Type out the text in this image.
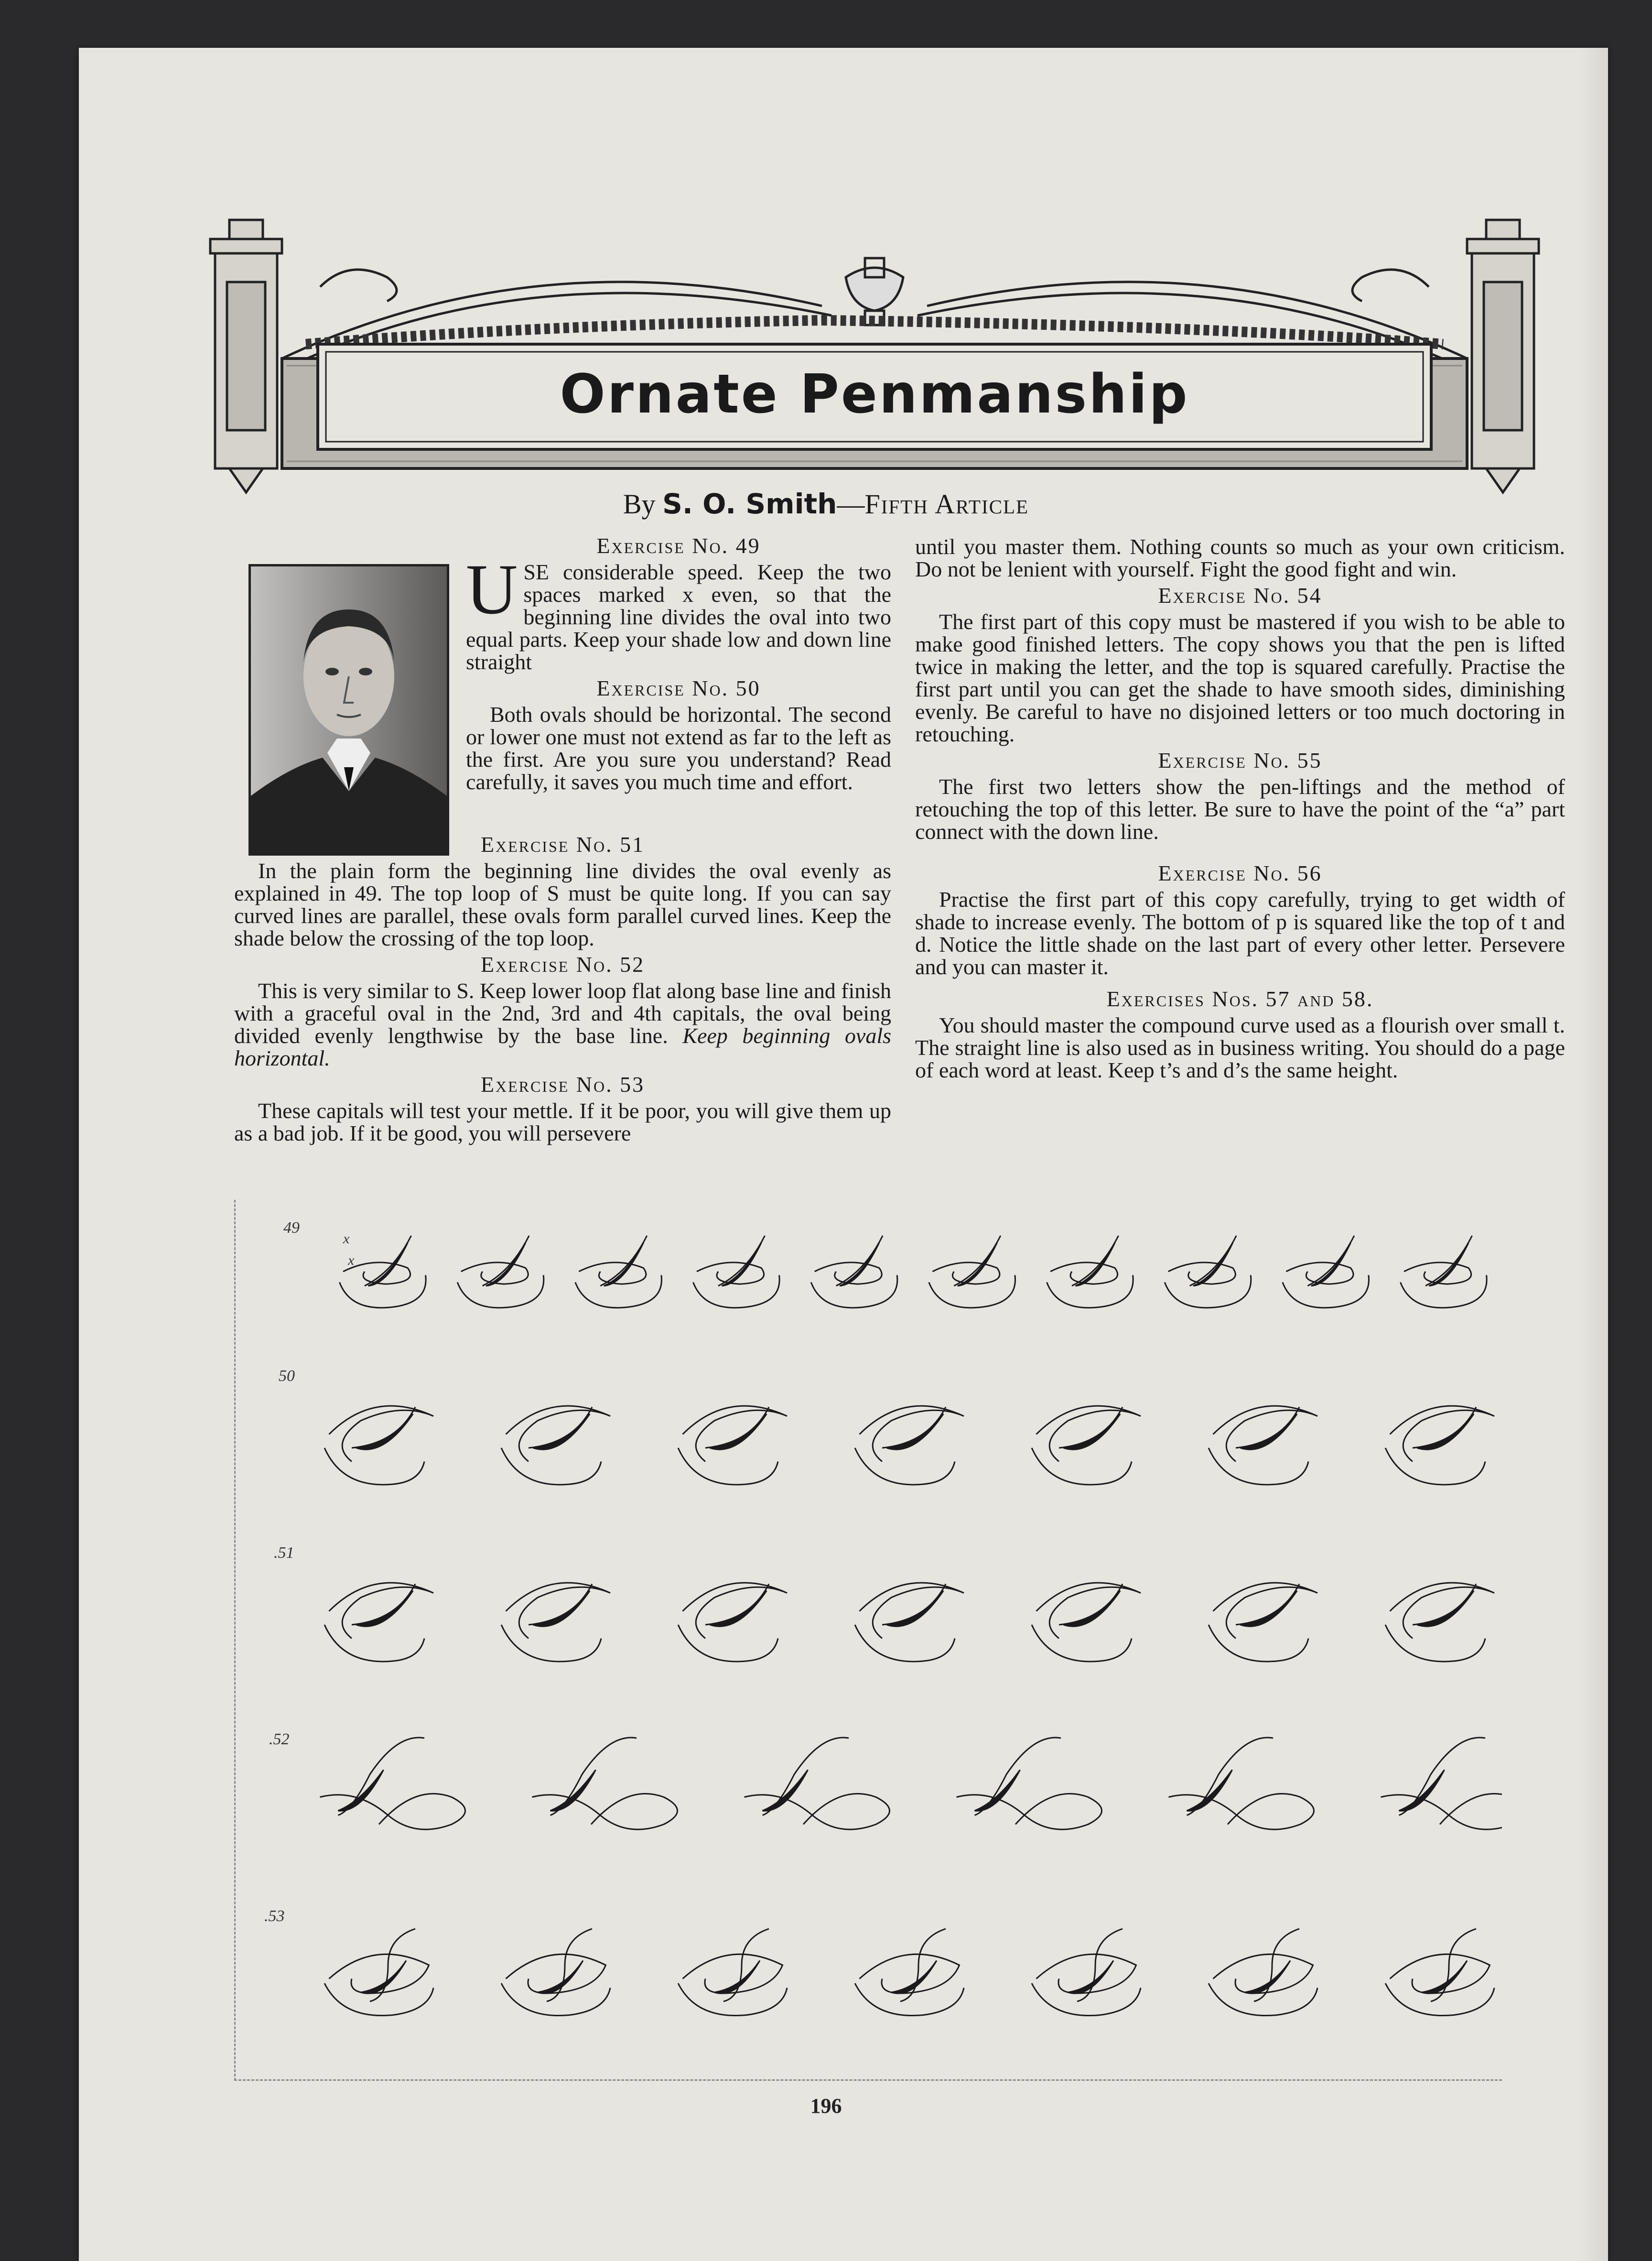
Ornate Penmanship
By S. O. Smith—Fifth Article
Exercise No. 49
USE considerable speed. Keep the two spaces marked x even, so that the beginning line divides the oval into two equal parts. Keep your shade low and down line straight
Exercise No. 50

Both ovals should be horizontal. The second or lower one must not extend as far to the left as the first. Are you sure you understand? Read carefully, it saves you much time and effort.

Exercise No. 51

In the plain form the beginning line divides the oval evenly as explained in 49. The top loop of S must be quite long. If you can say curved lines are parallel, these ovals form parallel curved lines. Keep the shade below the crossing of the top loop.

Exercise No. 52

This is very similar to S. Keep lower loop flat along base line and finish with a graceful oval in the 2nd, 3rd and 4th capitals, the oval being divided evenly lengthwise by the base line. Keep beginning ovals horizontal.

Exercise No. 53

These capitals will test your mettle. If it be poor, you will give them up as a bad job. If it be good, you will persevere

until you master them. Nothing counts so much as your own criticism. Do not be lenient with yourself. Fight the good fight and win.

Exercise No. 54

The first part of this copy must be mastered if you wish to be able to make good finished letters. The copy shows you that the pen is lifted twice in making the letter, and the top is squared carefully. Practise the first part until you can get the shade to have smooth sides, diminishing evenly. Be careful to have no disjoined letters or too much doctoring in retouching.

Exercise No. 55

The first two letters show the pen-liftings and the method of retouching the top of this letter. Be sure to have the point of the “a” part connect with the down line.

Exercise No. 56

Practise the first part of this copy carefully, trying to get width of shade to increase evenly. The bottom of p is squared like the top of t and d. Notice the little shade on the last part of every other letter. Persevere and you can master it.

Exercises Nos. 57 and 58.

You should master the compound curve used as a flourish over small t. The straight line is also used as in business writing. You should do a page of each word at least. Keep t’s and d’s the same height.

49
50
.51
.52
.53
x
x
196
